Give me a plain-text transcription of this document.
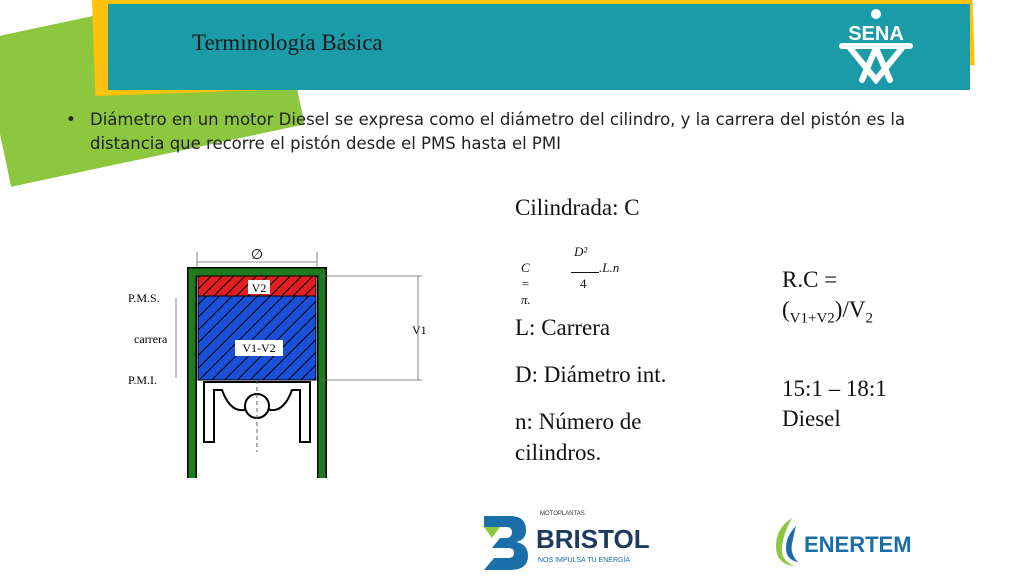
Terminología Básica	SENA
• Diámetro en un motor Diesel se expresa como el diámetro del cilindro, y la carrera del pistón es la distancia que recorre el pistón desde el PMS hasta el PMI
Cilindrada: C
C = π.
D²
4
.L.n
L: Carrera
D: Diámetro int.
n: Número de cilindros.
R.C =
$(_{V1+V2})/V_2$
15:1 – 18:1
Diesel
∅
V2
V1-V2
P.M.S.
carrera
P.M.I.
V1
MOTOPLANTAS
BRISTOL
NOS IMPULSA TU ENERGÍA
ENERTEM
